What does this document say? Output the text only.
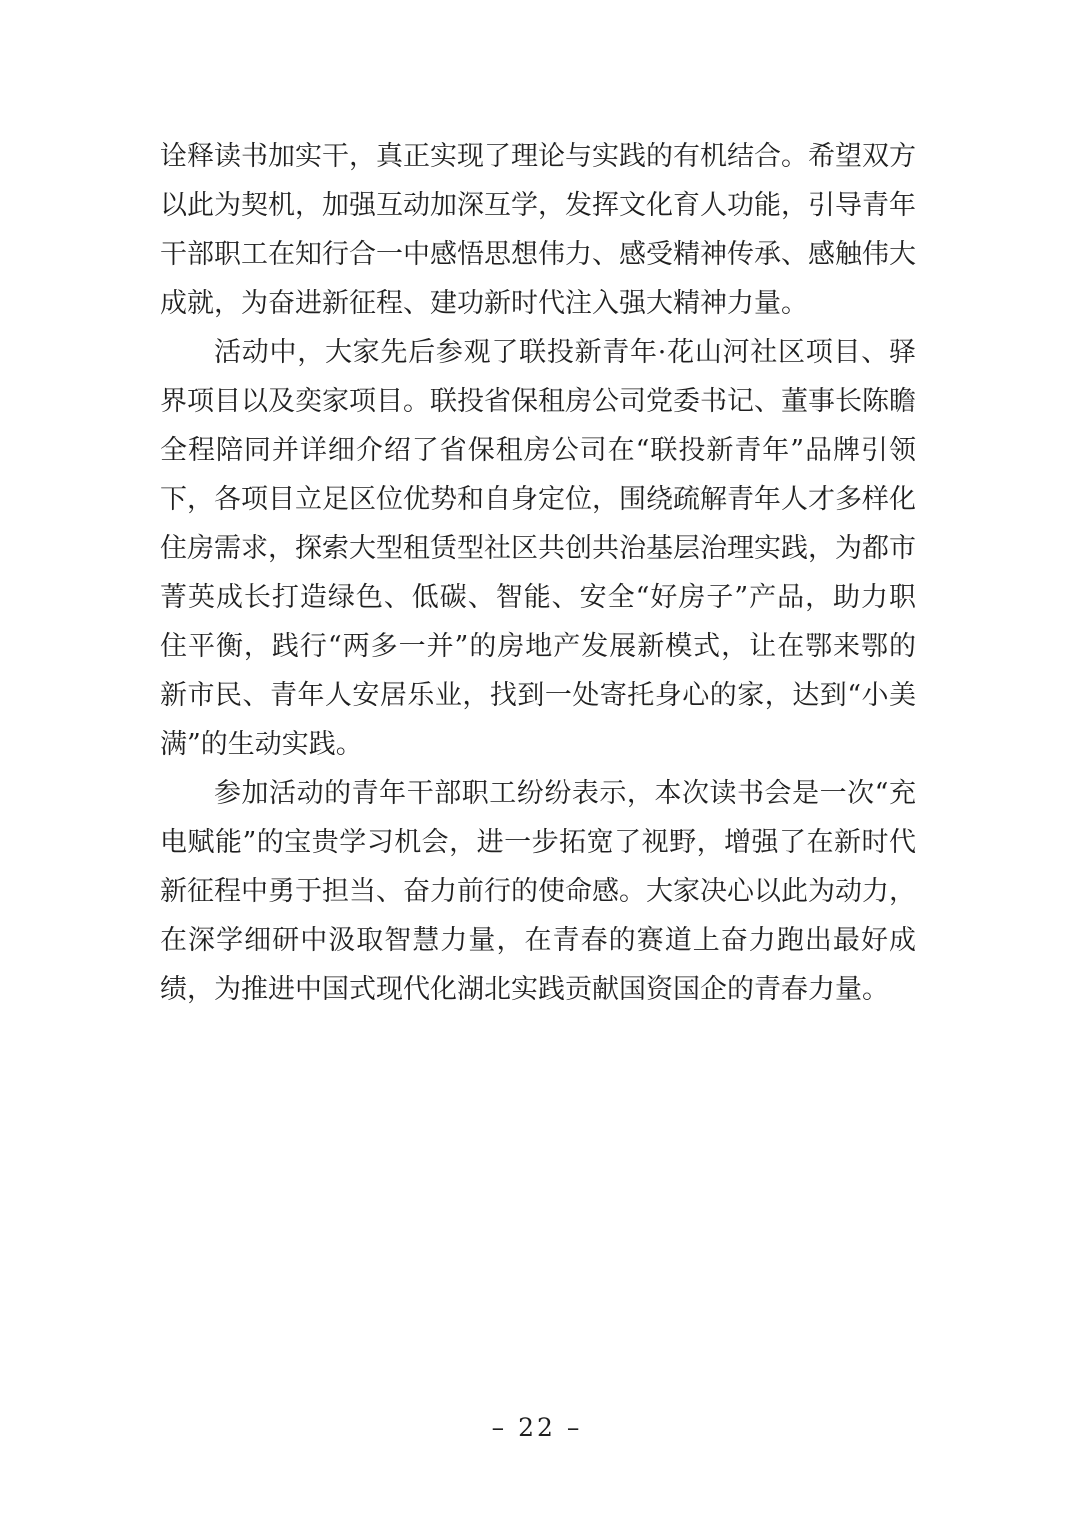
诠释读书加实干，真正实现了理论与实践的有机结合。希望双方以此为契机，加强互动加深互学，发挥文化育人功能，引导青年干部职工在知行合一中感悟思想伟力、感受精神传承、感触伟大成就，为奋进新征程、建功新时代注入强大精神力量。

活动中，大家先后参观了联投新青年·花山河社区项目、驿界项目以及奕家项目。联投省保租房公司党委书记、董事长陈瞻全程陪同并详细介绍了省保租房公司在“联投新青年”品牌引领下，各项目立足区位优势和自身定位，围绕疏解青年人才多样化住房需求，探索大型租赁型社区共创共治基层治理实践，为都市菁英成长打造绿色、低碳、智能、安全“好房子”产品，助力职住平衡，践行“两多一并”的房地产发展新模式，让在鄂来鄂的新市民、青年人安居乐业，找到一处寄托身心的家，达到“小美满”的生动实践。

参加活动的青年干部职工纷纷表示，本次读书会是一次“充电赋能”的宝贵学习机会，进一步拓宽了视野，增强了在新时代新征程中勇于担当、奋力前行的使命感。大家决心以此为动力，在深学细研中汲取智慧力量，在青春的赛道上奋力跑出最好成绩，为推进中国式现代化湖北实践贡献国资国企的青春力量。

– 22 –
